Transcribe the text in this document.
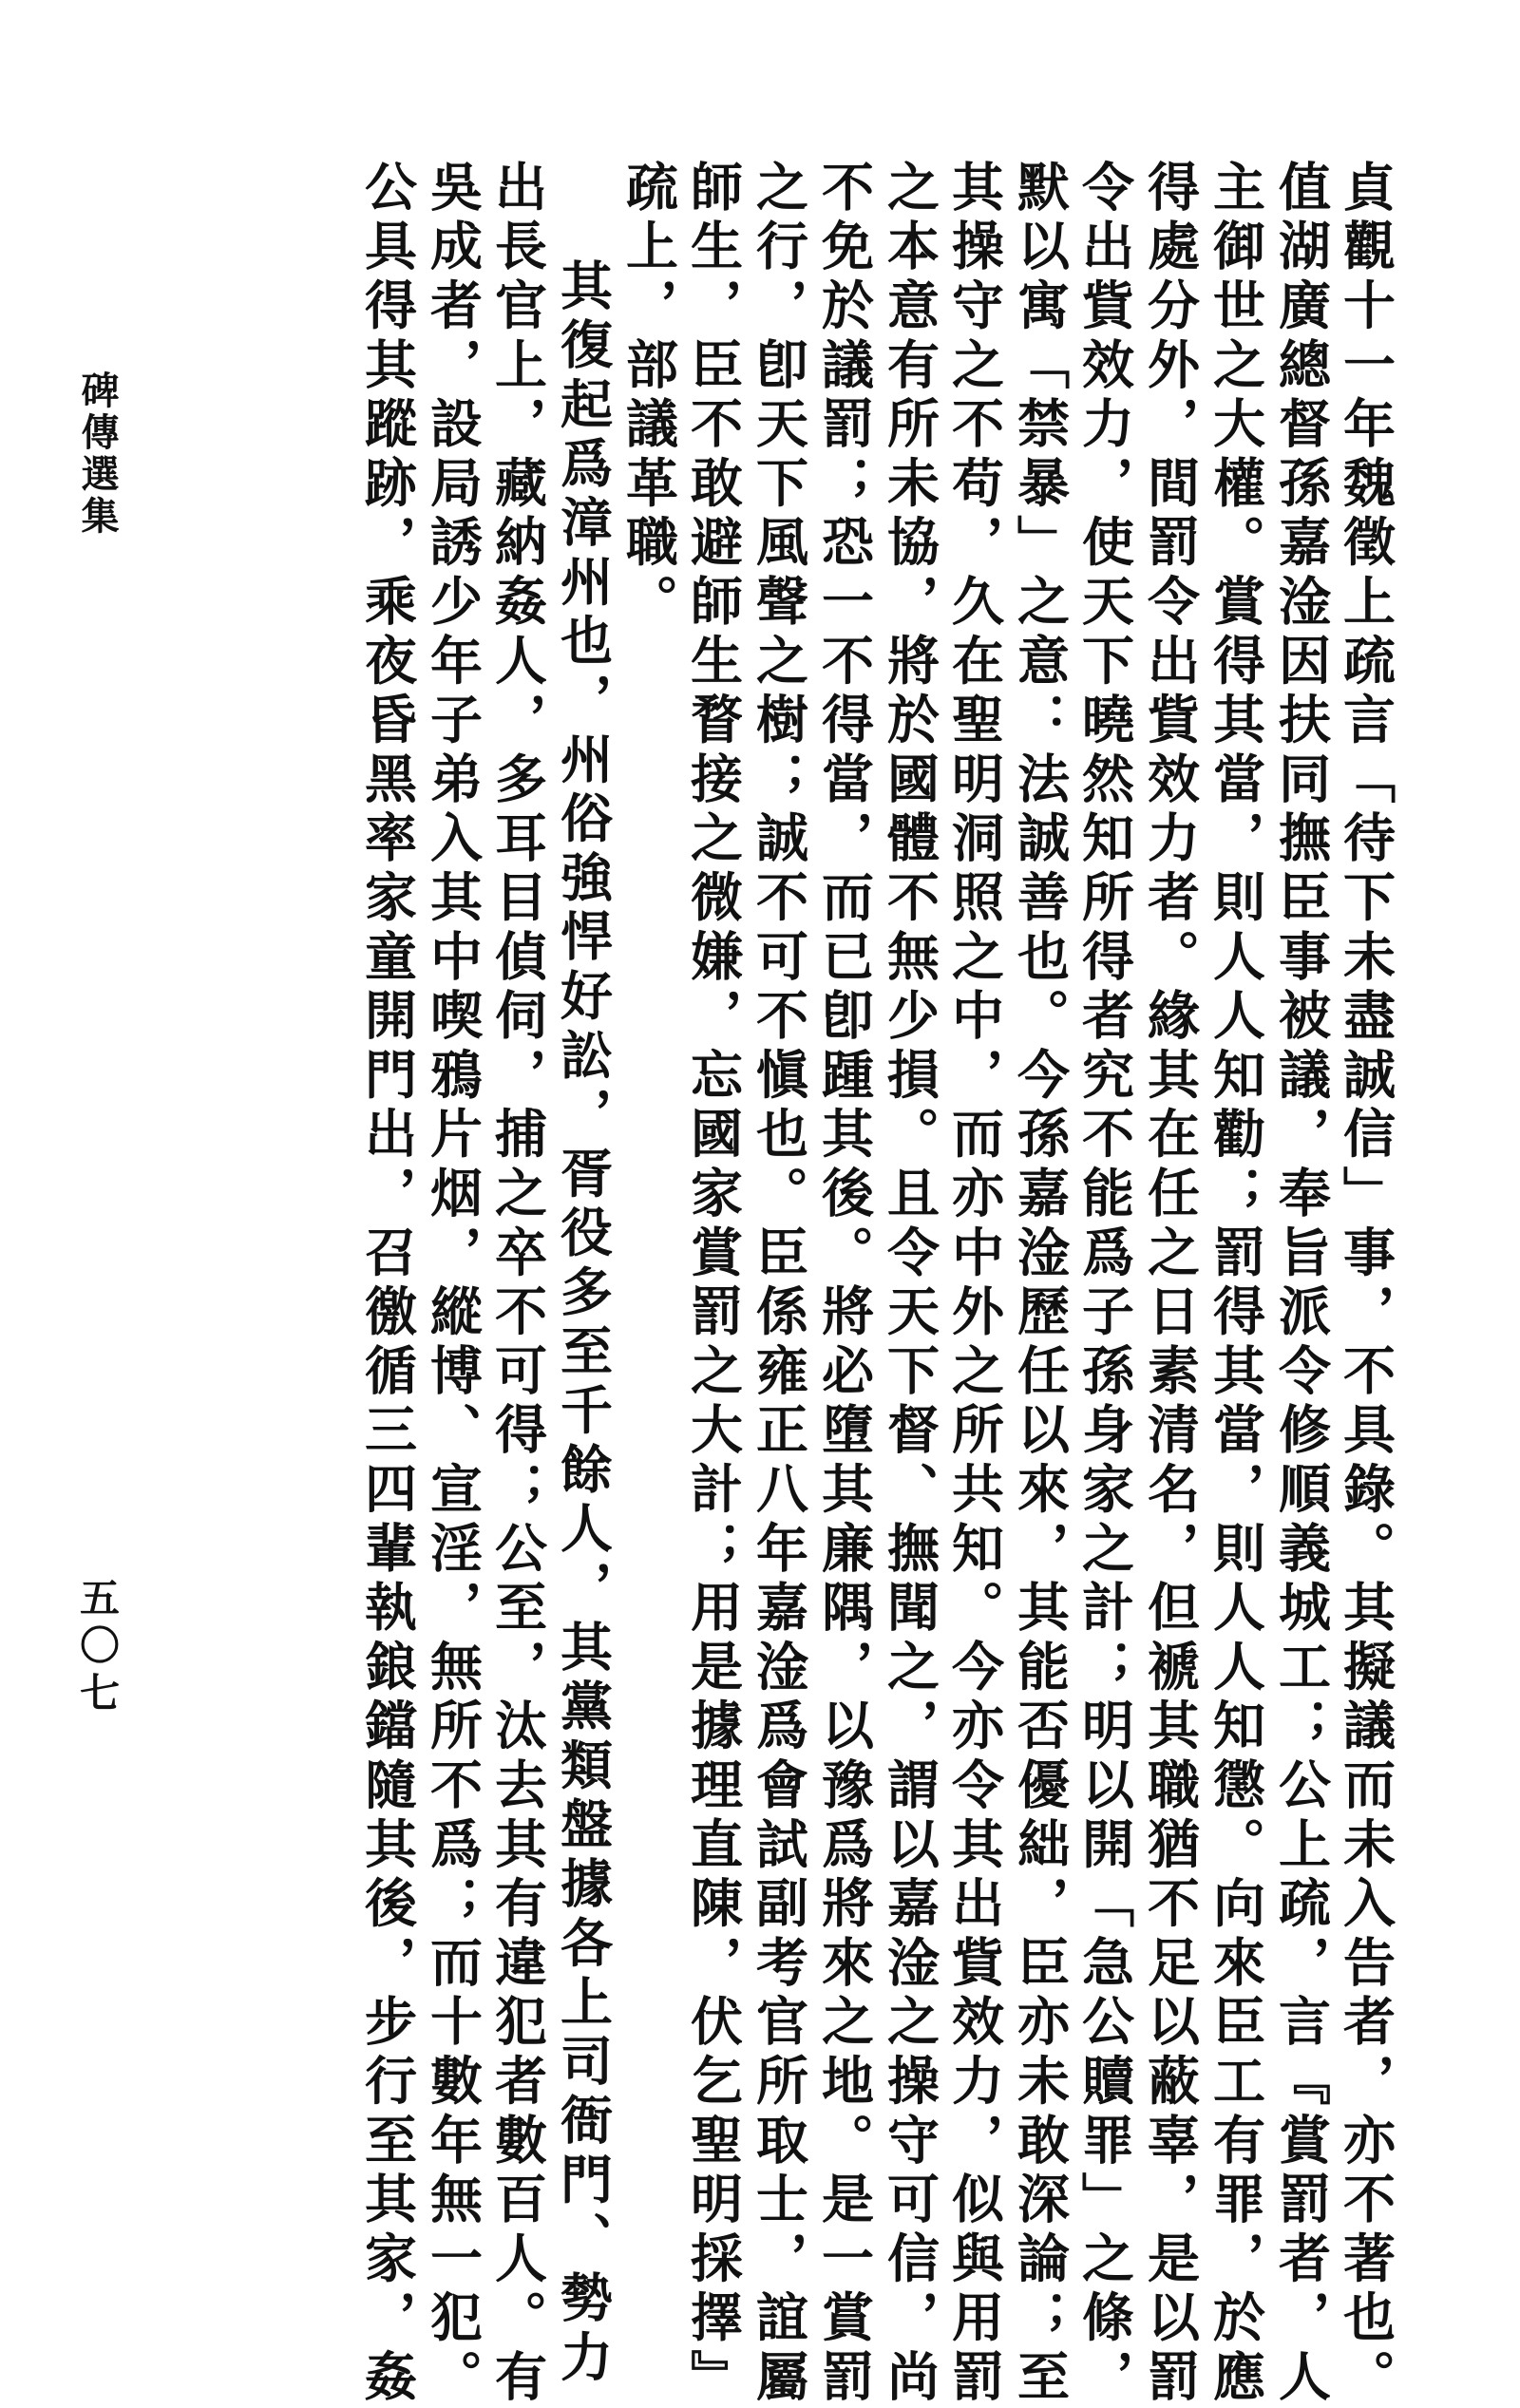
碑傳選集
五〇七	貞觀十一年魏徵上疏言「待下未盡誠信」事，不具錄。其擬議而未入告者，亦不著也。
值湖廣總督孫嘉淦因扶同撫臣事被議，奉旨派令修順義城工；公上疏，言『賞罰者，人
主御世之大權。賞得其當，則人人知勸；罰得其當，則人人知懲。向來臣工有罪，於應
得處分外，間罰令出貲效力者。緣其在任之日素清名，但褫其職猶不足以蔽辜，是以罰
令出貲效力，使天下曉然知所得者究不能爲子孫身家之計；明以開「急公贖罪」之條，
默以寓「禁暴」之意：法誠善也。今孫嘉淦歷任以來，其能否優絀，臣亦未敢深論；至
其操守之不苟，久在聖明洞照之中，而亦中外之所共知。今亦令其出貲效力，似與用罰
之本意有所未協，將於國體不無少損。且令天下督、撫聞之，謂以嘉淦之操守可信，尚
不免於議罰；恐一不得當，而已卽踵其後。將必墮其廉隅，以豫爲將來之地。是一賞罰
之行，卽天下風聲之樹；誠不可不愼也。臣係雍正八年嘉淦爲會試副考官所取士，誼屬
師生，臣不敢避師生瞀接之微嫌，忘國家賞罰之大計；用是據理直陳，伏乞聖明採擇』
疏上，部議革職。
其復起爲漳州也，州俗強悍好訟，胥役多至千餘人，其黨類盤據各上司衙門、勢力
出長官上，藏納姦人，多耳目偵伺，捕之卒不可得；公至，汰去其有違犯者數百人。有
吳成者，設局誘少年子弟入其中喫鴉片烟，縱博、宣淫，無所不爲；而十數年無一犯。
公具得其蹤跡，乘夜昏黑率家童開門出，召徼循三四輩執鋃鐺隨其後，步行至其家，姦
